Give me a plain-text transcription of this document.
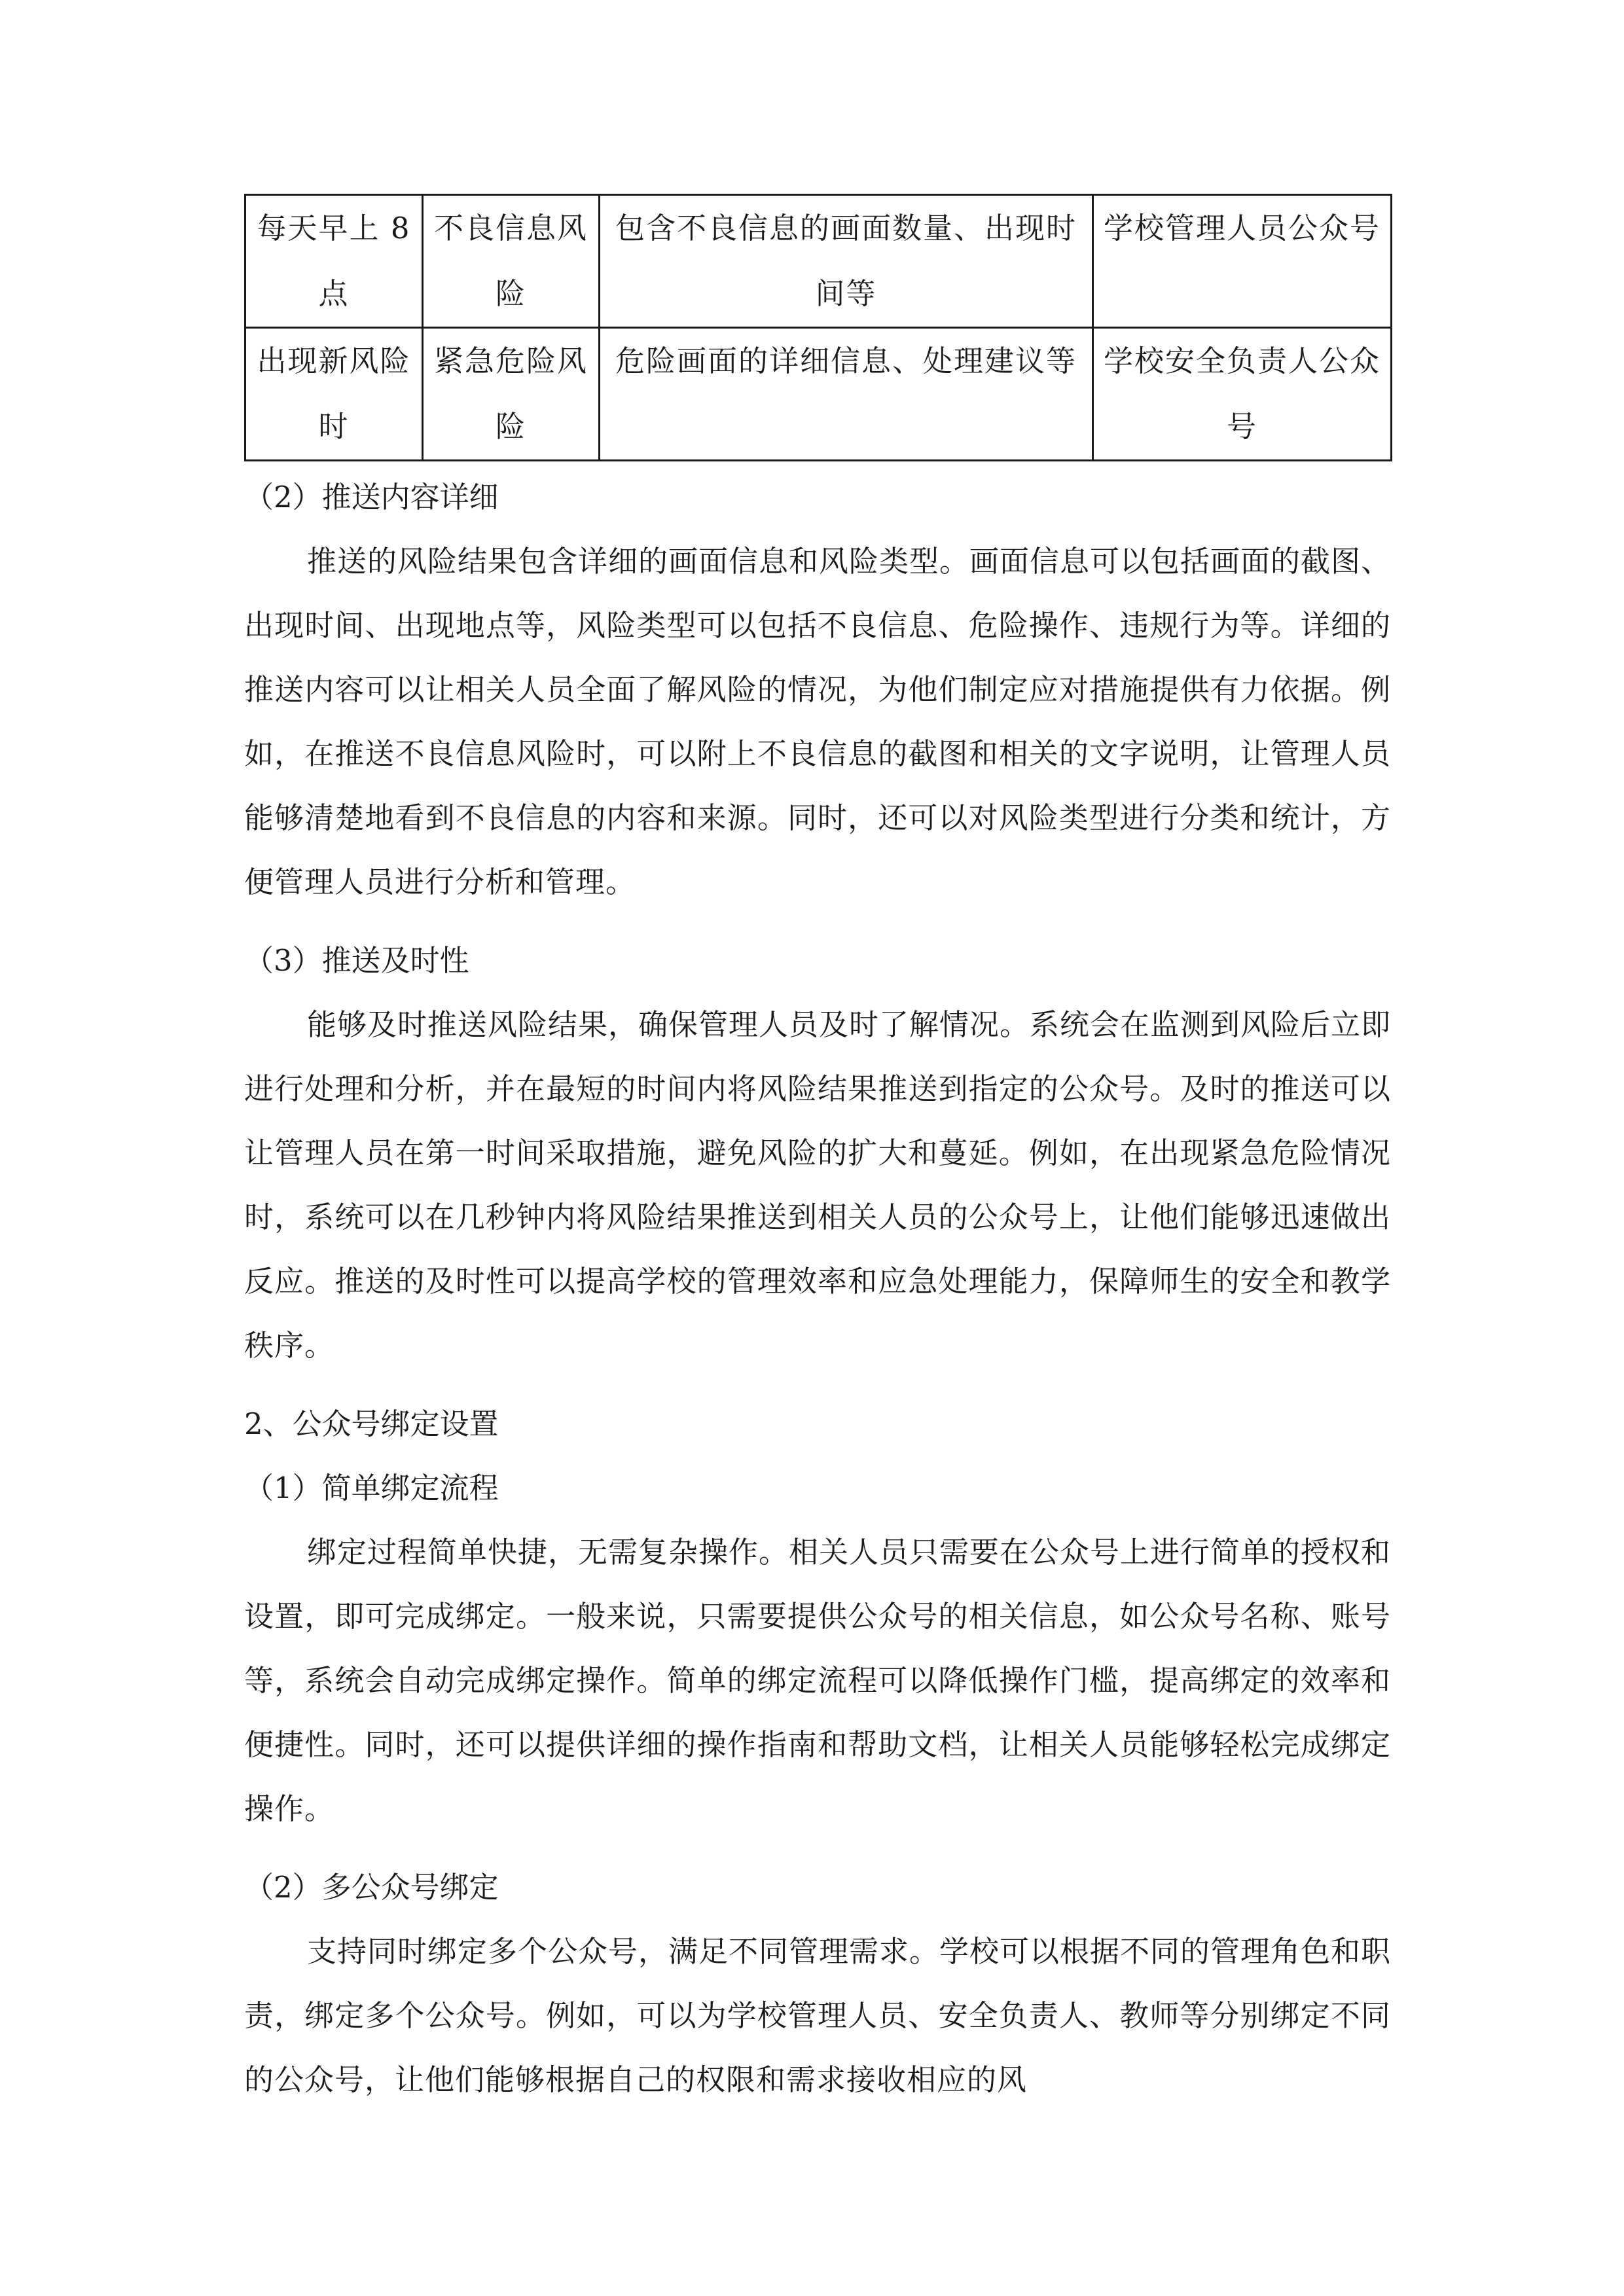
每天早上 8 点	不良信息风险	包含不良信息的画面数量、出现时间等	学校管理人员公众号
出现新风险时	紧急危险风险	危险画面的详细信息、处理建议等	学校安全负责人公众号

（2）推送内容详细

推送的风险结果包含详细的画面信息和风险类型。画面信息可以包括画面的截图、出现时间、出现地点等，风险类型可以包括不良信息、危险操作、违规行为等。详细的推送内容可以让相关人员全面了解风险的情况，为他们制定应对措施提供有力依据。例如，在推送不良信息风险时，可以附上不良信息的截图和相关的文字说明，让管理人员能够清楚地看到不良信息的内容和来源。同时，还可以对风险类型进行分类和统计，方便管理人员进行分析和管理。

（3）推送及时性

能够及时推送风险结果，确保管理人员及时了解情况。系统会在监测到风险后立即进行处理和分析，并在最短的时间内将风险结果推送到指定的公众号。及时的推送可以让管理人员在第一时间采取措施，避免风险的扩大和蔓延。例如，在出现紧急危险情况时，系统可以在几秒钟内将风险结果推送到相关人员的公众号上，让他们能够迅速做出反应。推送的及时性可以提高学校的管理效率和应急处理能力，保障师生的安全和教学秩序。

2、公众号绑定设置

（1）简单绑定流程

绑定过程简单快捷，无需复杂操作。相关人员只需要在公众号上进行简单的授权和设置，即可完成绑定。一般来说，只需要提供公众号的相关信息，如公众号名称、账号等，系统会自动完成绑定操作。简单的绑定流程可以降低操作门槛，提高绑定的效率和便捷性。同时，还可以提供详细的操作指南和帮助文档，让相关人员能够轻松完成绑定操作。

（2）多公众号绑定

支持同时绑定多个公众号，满足不同管理需求。学校可以根据不同的管理角色和职责，绑定多个公众号。例如，可以为学校管理人员、安全负责人、教师等分别绑定不同的公众号，让他们能够根据自己的权限和需求接收相应的风
